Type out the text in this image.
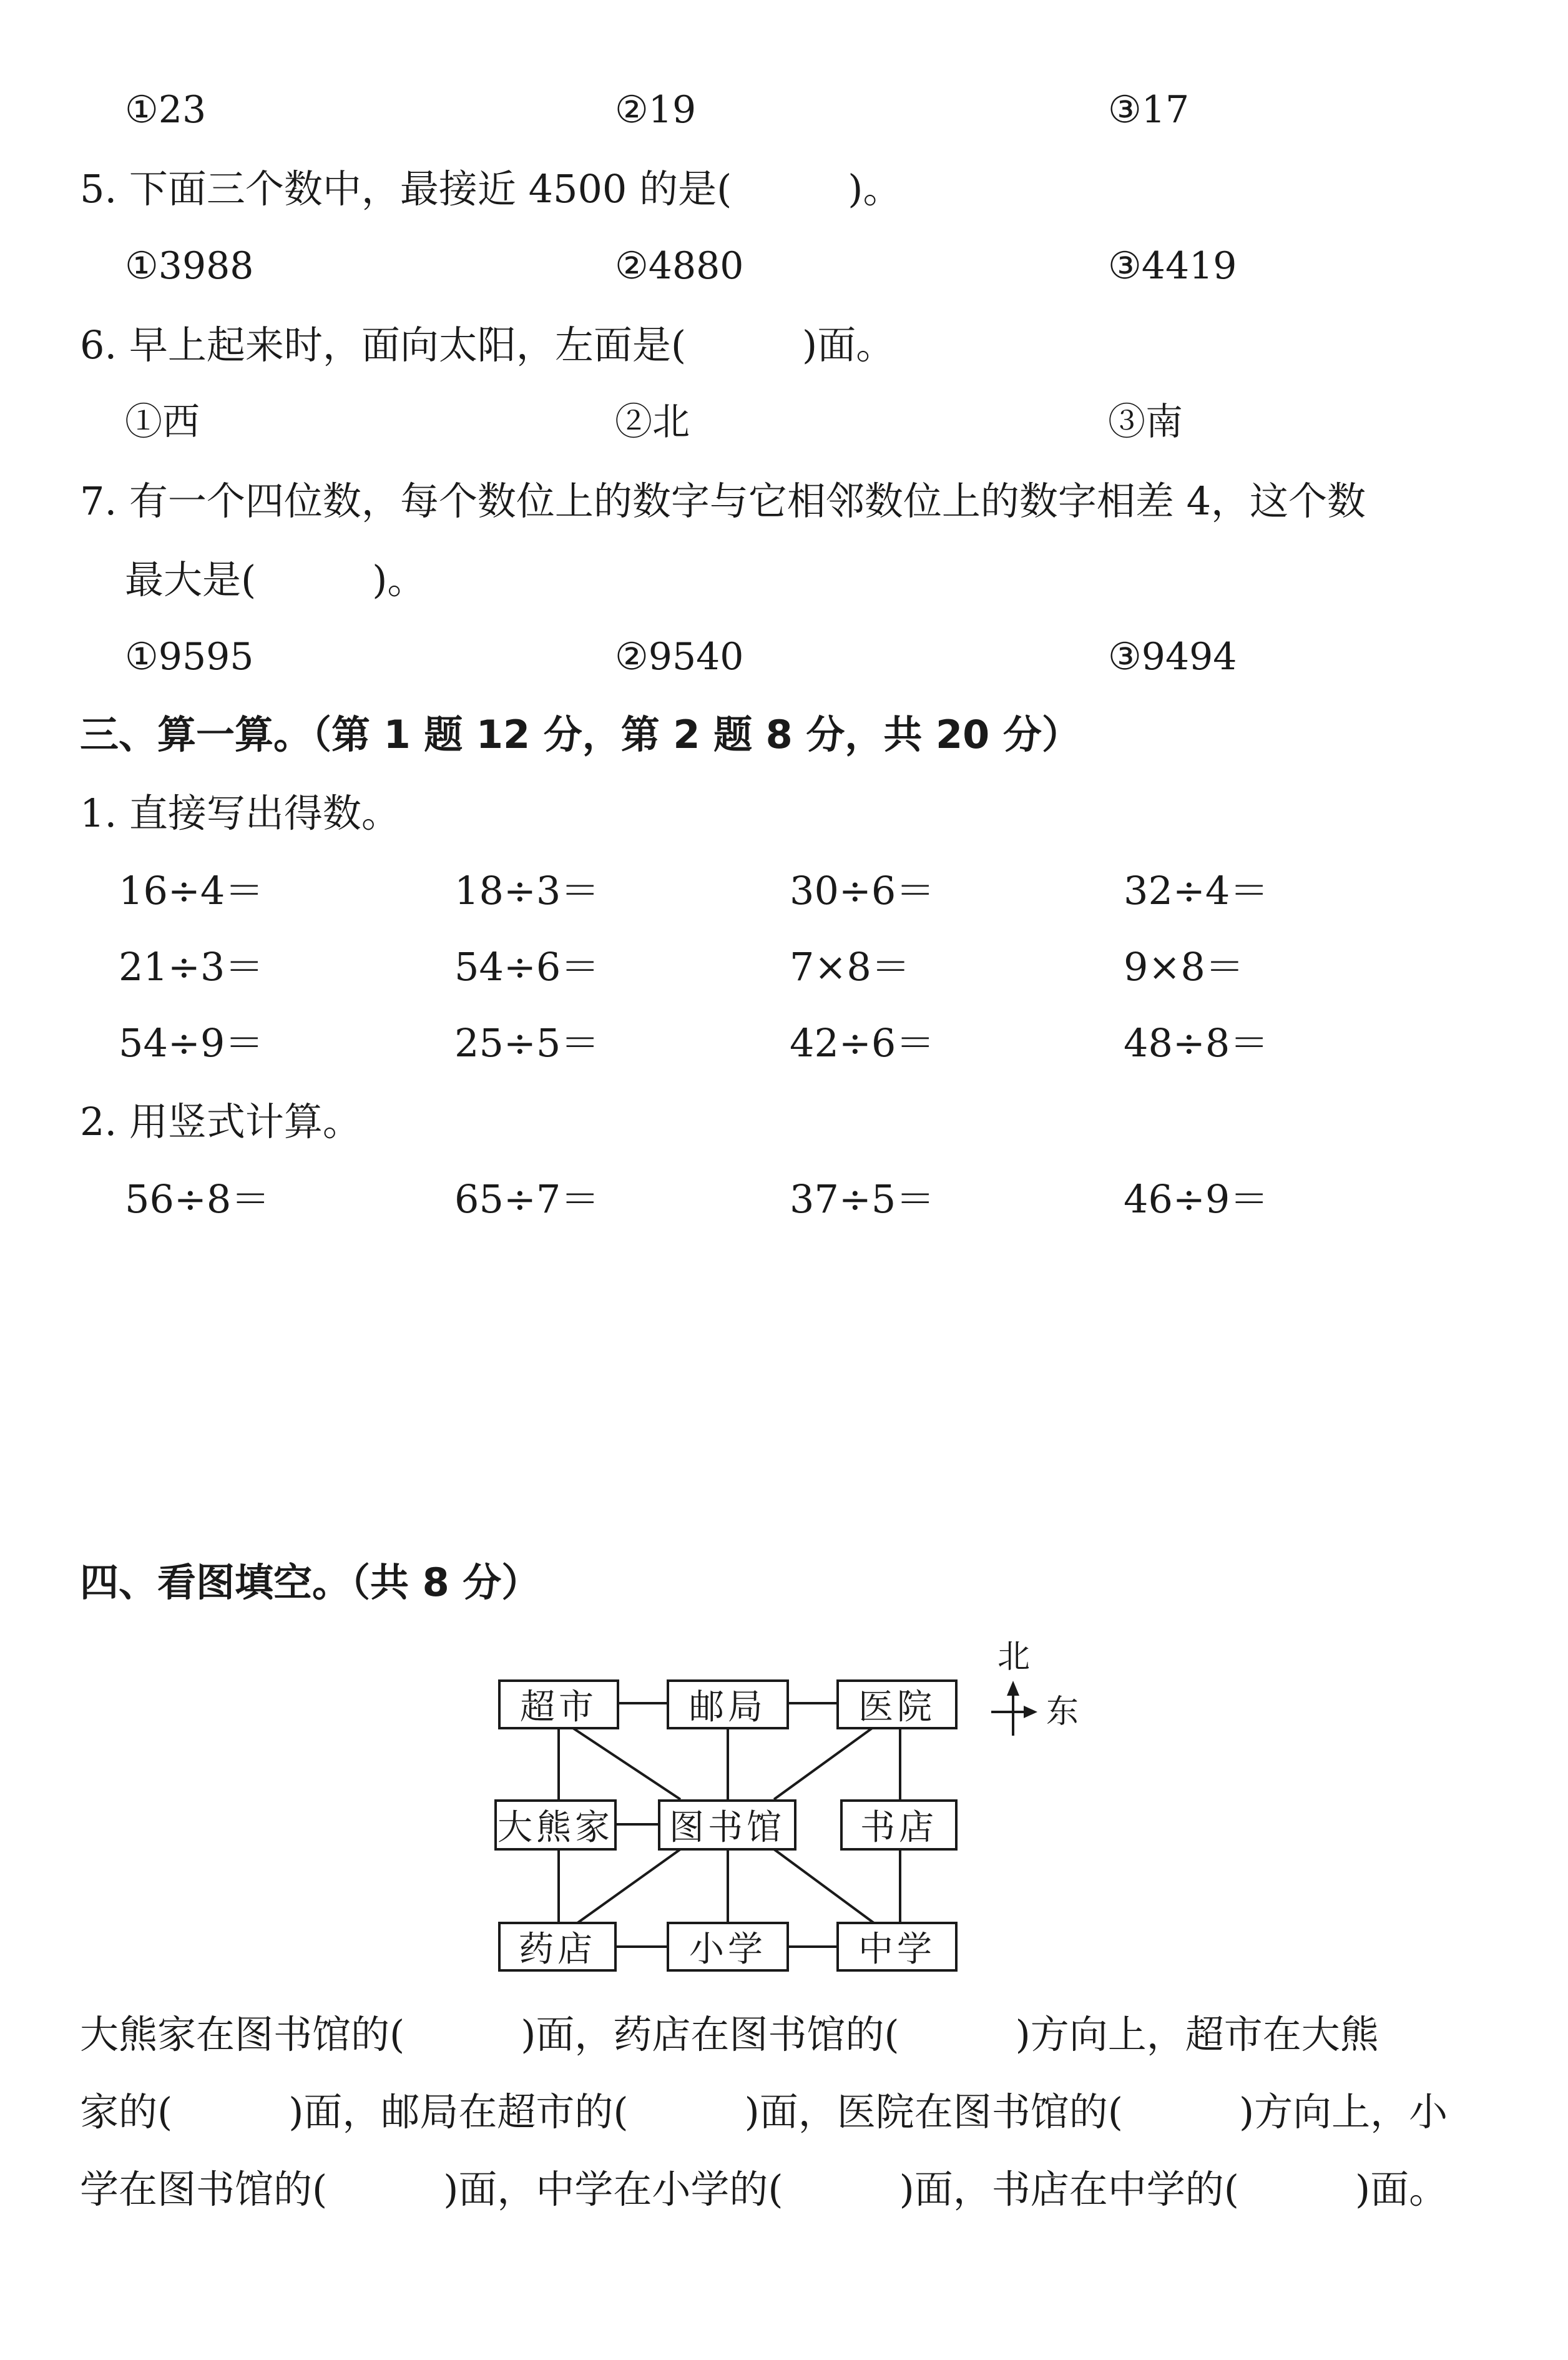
①23	②19	③17
5. 下面三个数中，最接近 4500 的是(　　　)。
①3988	②4880	③4419
6. 早上起来时，面向太阳，左面是(　　　)面。
①西	②北	③南
7. 有一个四位数，每个数位上的数字与它相邻数位上的数字相差 4，这个数
最大是(　　　)。
①9595	②9540	③9494
三、算一算。（第 1 题 12 分，第 2 题 8 分，共 20 分）
1. 直接写出得数。
16÷4＝	18÷3＝	30÷6＝	32÷4＝
21÷3＝	54÷6＝	7×8＝	9×8＝
54÷9＝	25÷5＝	42÷6＝	48÷8＝
2. 用竖式计算。
56÷8＝	65÷7＝	37÷5＝	46÷9＝
四、看图填空。（共 8 分）
超市	邮局	医院
大熊家	图书馆	书店
药店	小学	中学
北
东
大熊家在图书馆的(　　　)面，药店在图书馆的(　　　)方向上，超市在大熊
家的(　　　)面，邮局在超市的(　　　)面，医院在图书馆的(　　　)方向上，小
学在图书馆的(　　　)面，中学在小学的(　　　)面，书店在中学的(　　　)面。
